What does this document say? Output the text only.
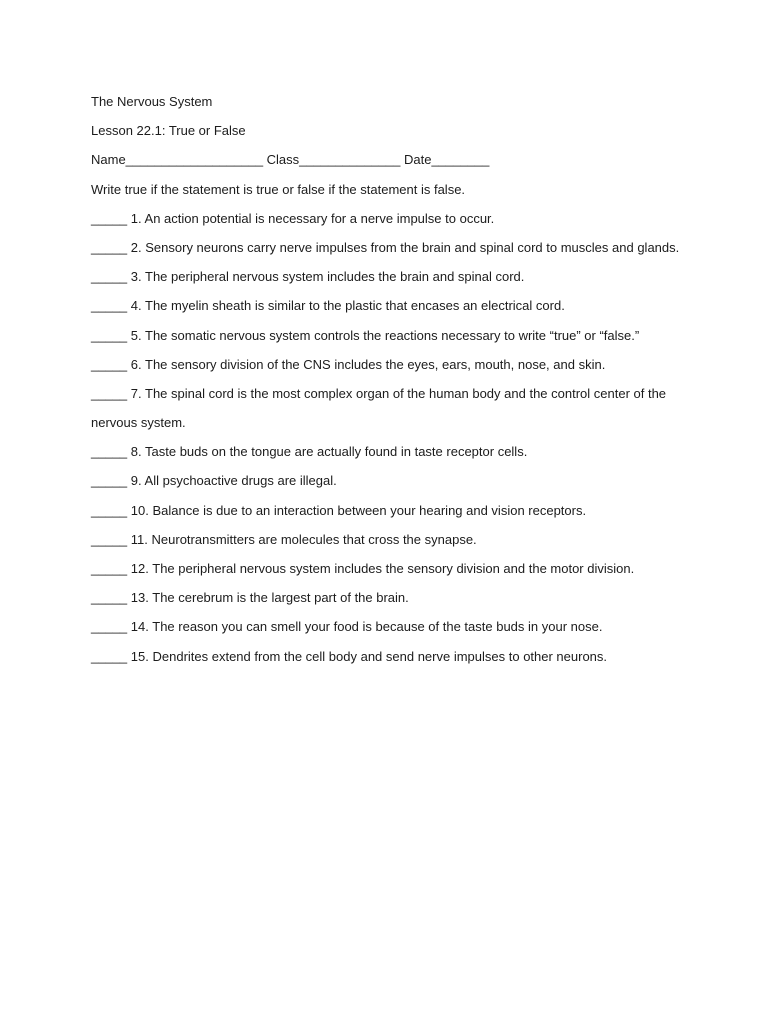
The Nervous System
Lesson 22.1: True or False
Name___________________ Class______________ Date________
Write true if the statement is true or false if the statement is false.
_____ 1. An action potential is necessary for a nerve impulse to occur.
_____ 2. Sensory neurons carry nerve impulses from the brain and spinal cord to muscles and glands.
_____ 3. The peripheral nervous system includes the brain and spinal cord.
_____ 4. The myelin sheath is similar to the plastic that encases an electrical cord.
_____ 5. The somatic nervous system controls the reactions necessary to write “true” or “false.”
_____ 6. The sensory division of the CNS includes the eyes, ears, mouth, nose, and skin.
_____ 7. The spinal cord is the most complex organ of the human body and the control center of the
nervous system.
_____ 8. Taste buds on the tongue are actually found in taste receptor cells.
_____ 9. All psychoactive drugs are illegal.
_____ 10. Balance is due to an interaction between your hearing and vision receptors.
_____ 11. Neurotransmitters are molecules that cross the synapse.
_____ 12. The peripheral nervous system includes the sensory division and the motor division.
_____ 13. The cerebrum is the largest part of the brain.
_____ 14. The reason you can smell your food is because of the taste buds in your nose.
_____ 15. Dendrites extend from the cell body and send nerve impulses to other neurons.
